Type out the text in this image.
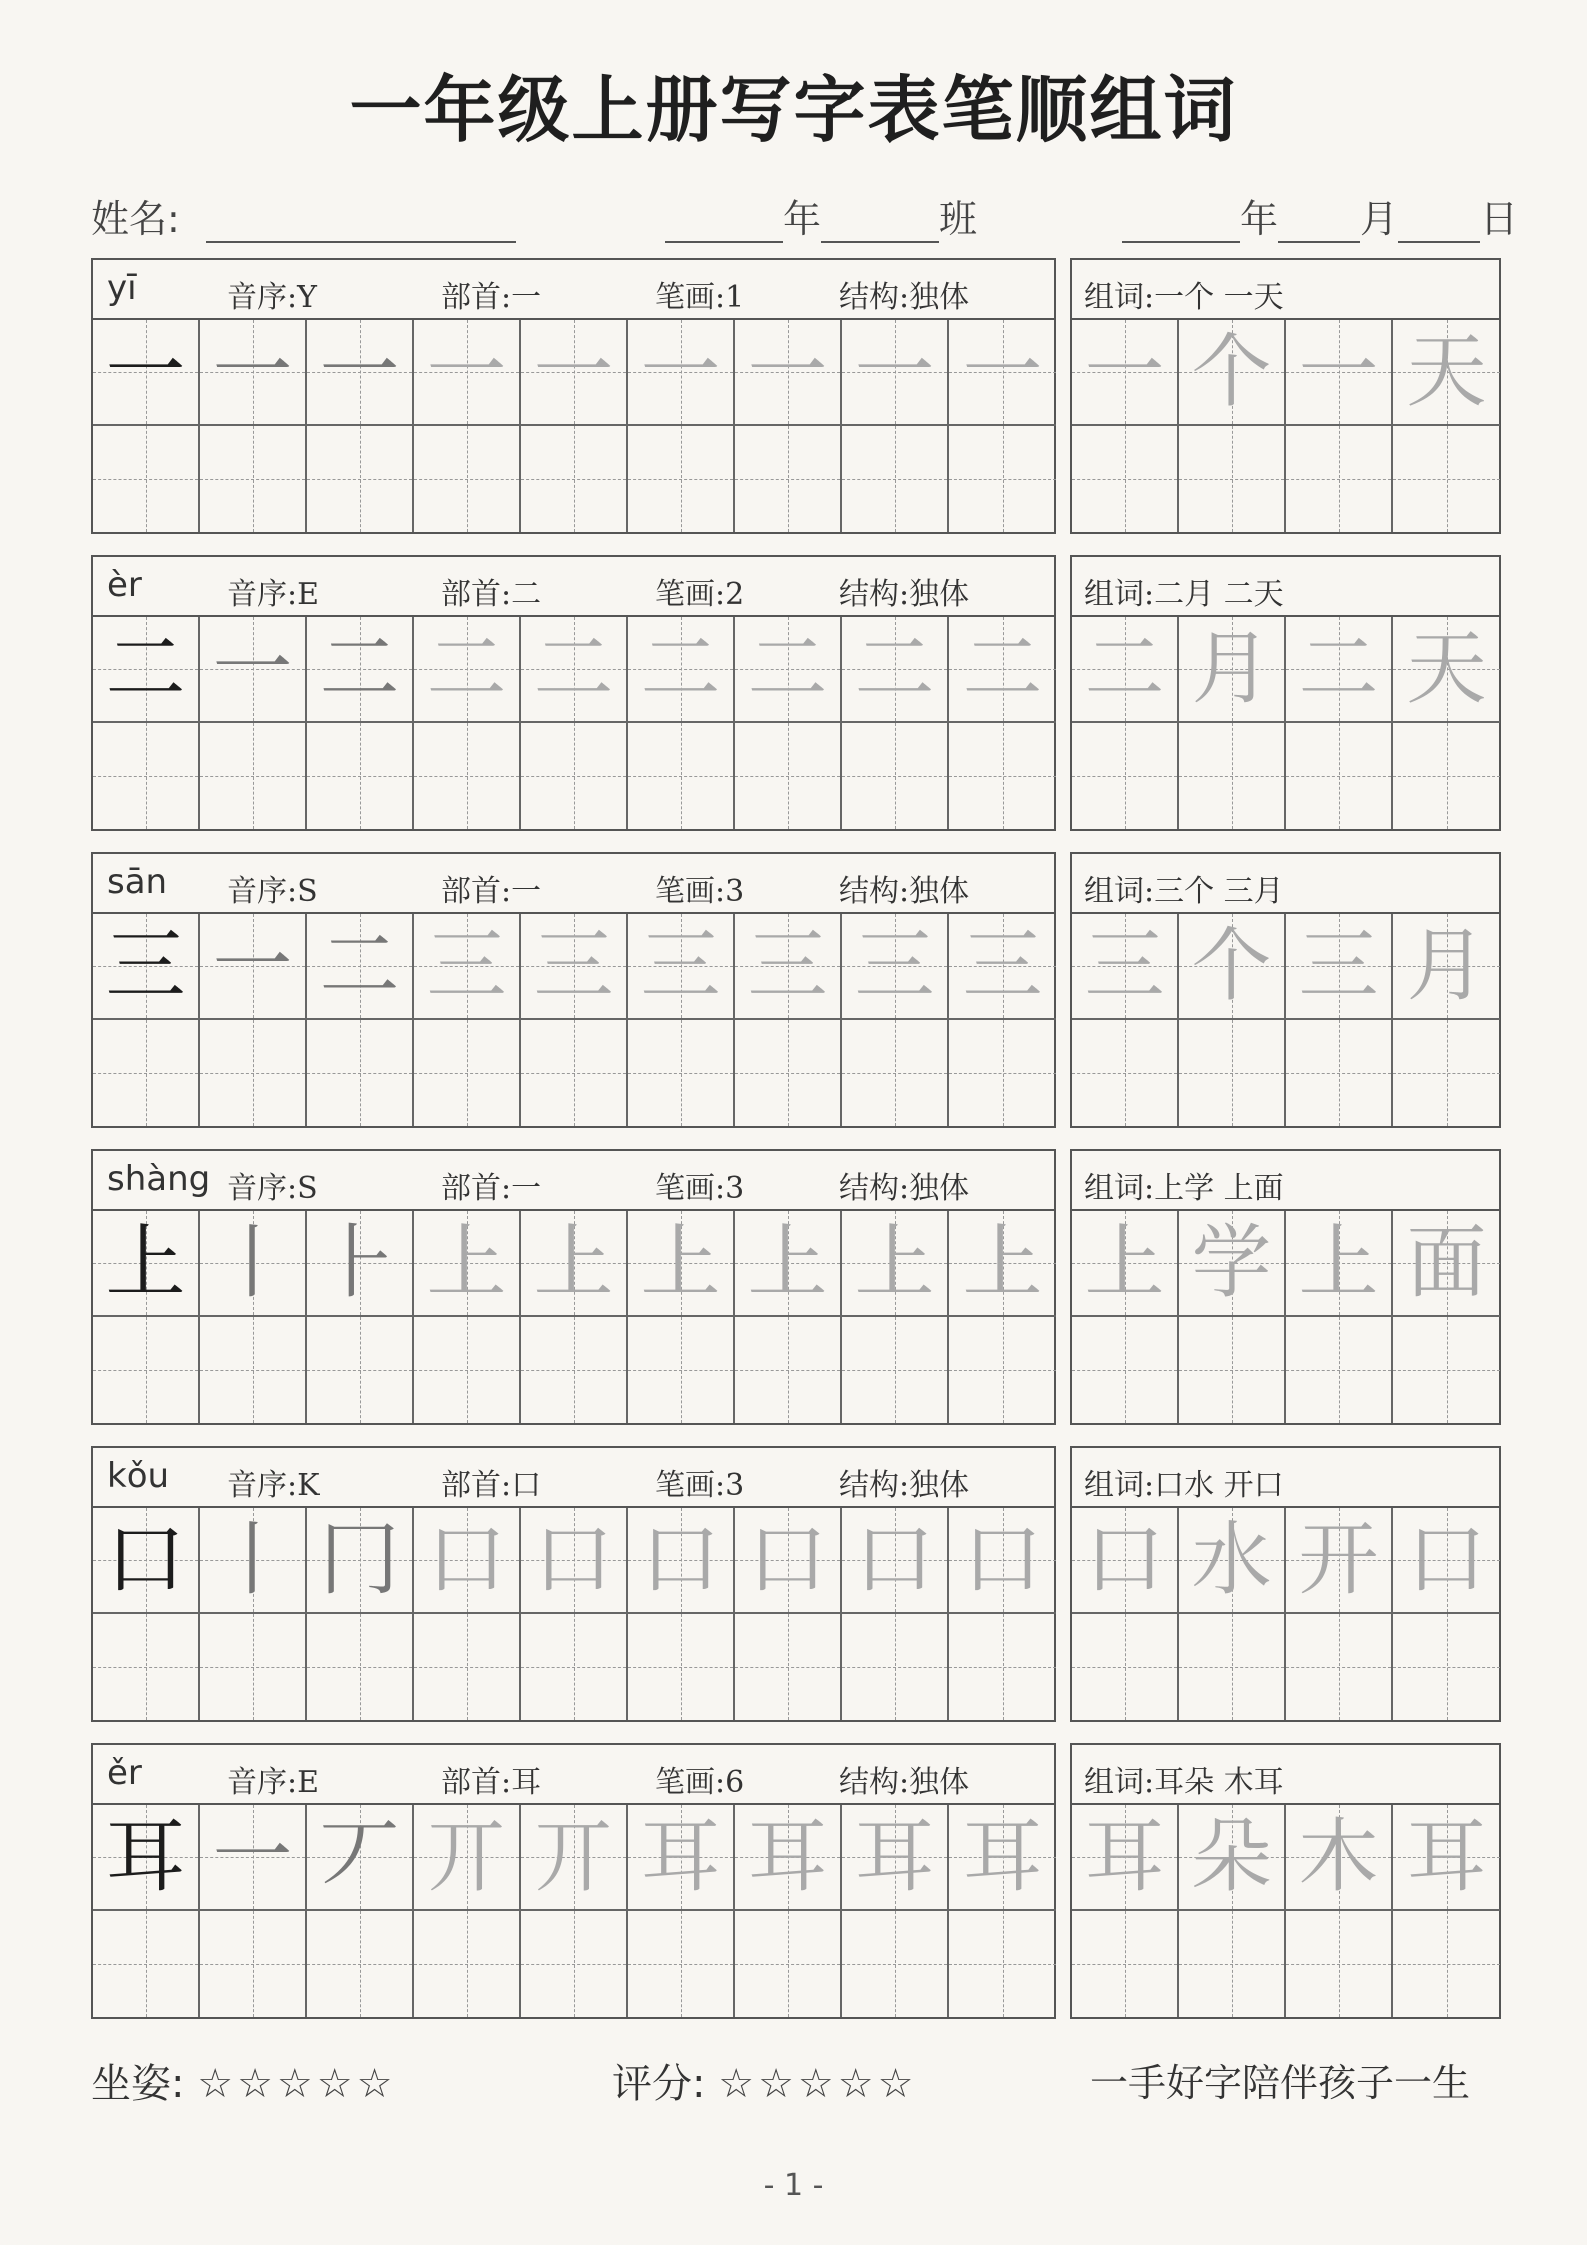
一年级上册写字表笔顺组词
姓名:	年	班	年 月 日
yī	音序:Y	部首:一	笔画:1	结构:独体
一 一 一 一 一 一 一 一 一
组词:一个 一天
一 个 一 天
èr	音序:E	部首:二	笔画:2	结构:独体
二 一 二 二 二 二 二 二 二
组词:二月 二天
二 月 二 天
sān 音序:S	部首:一	笔画:3	结构:独体
三 一 二 三 三 三 三 三 三
组词:三个 三月
三 个 三 月
shàng 音序:S	部首:一	笔画:3	结构:独体
上 丨 ⺊ 上 上 上 上 上 上
组词:上学 上面
上 学 上 面
kǒu 音序:K	部首:口	笔画:3	结构:独体
口 丨 冂 口 口 口 口 口 口
组词:口水 开口
口 水 开 口
ěr	音序:E	部首:耳	笔画:6	结构:独体
耳 一 丆 丌 丌 耳 耳 耳 耳
组词:耳朵 木耳
耳 朵 木 耳
坐姿: ☆☆☆☆☆	评分: ☆☆☆☆☆	一手好字陪伴孩子一生
- 1 -
